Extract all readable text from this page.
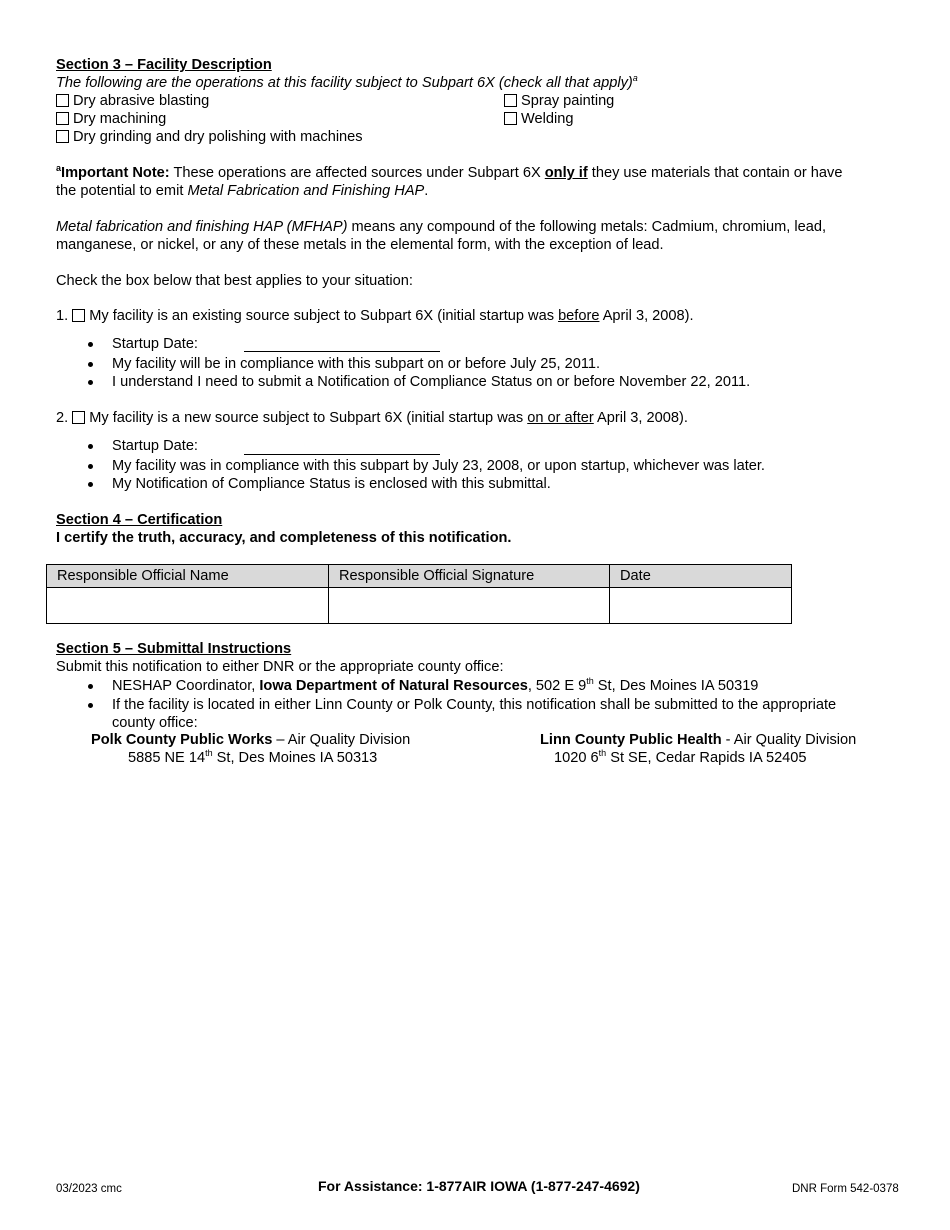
Section 3 – Facility Description
The following are the operations at this facility subject to Subpart 6X (check all that apply)$^a$
Dry abrasive blasting
Dry machining
Dry grinding and dry polishing with machines
Spray painting
Welding
$^a$Important Note: These operations are affected sources under Subpart 6X only if they use materials that contain or have
the potential to emit Metal Fabrication and Finishing HAP.
Metal fabrication and finishing HAP (MFHAP) means any compound of the following metals: Cadmium, chromium, lead,
manganese, or nickel, or any of these metals in the elemental form, with the exception of lead.
Check the box below that best applies to your situation:
1. My facility is an existing source subject to Subpart 6X (initial startup was before April 3, 2008).
Startup Date:
My facility will be in compliance with this subpart on or before July 25, 2011.
I understand I need to submit a Notification of Compliance Status on or before November 22, 2011.
2. My facility is a new source subject to Subpart 6X (initial startup was on or after April 3, 2008).
Startup Date:
My facility was in compliance with this subpart by July 23, 2008, or upon startup, whichever was later.
My Notification of Compliance Status is enclosed with this submittal.
Section 4 – Certification
I certify the truth, accuracy, and completeness of this notification.
Responsible Official Name	Responsible Official Signature	Date

Section 5 – Submittal Instructions
Submit this notification to either DNR or the appropriate county office:
NESHAP Coordinator, Iowa Department of Natural Resources, 502 E 9th St, Des Moines IA 50319
If the facility is located in either Linn County or Polk County, this notification shall be submitted to the appropriate
county office:
Polk County Public Works – Air Quality Division
5885 NE 14th St, Des Moines IA 50313
Linn County Public Health - Air Quality Division
1020 6th St SE, Cedar Rapids IA 52405
03/2023 cmc	For Assistance: 1-877AIR IOWA (1-877-247-4692)	DNR Form 542-0378
